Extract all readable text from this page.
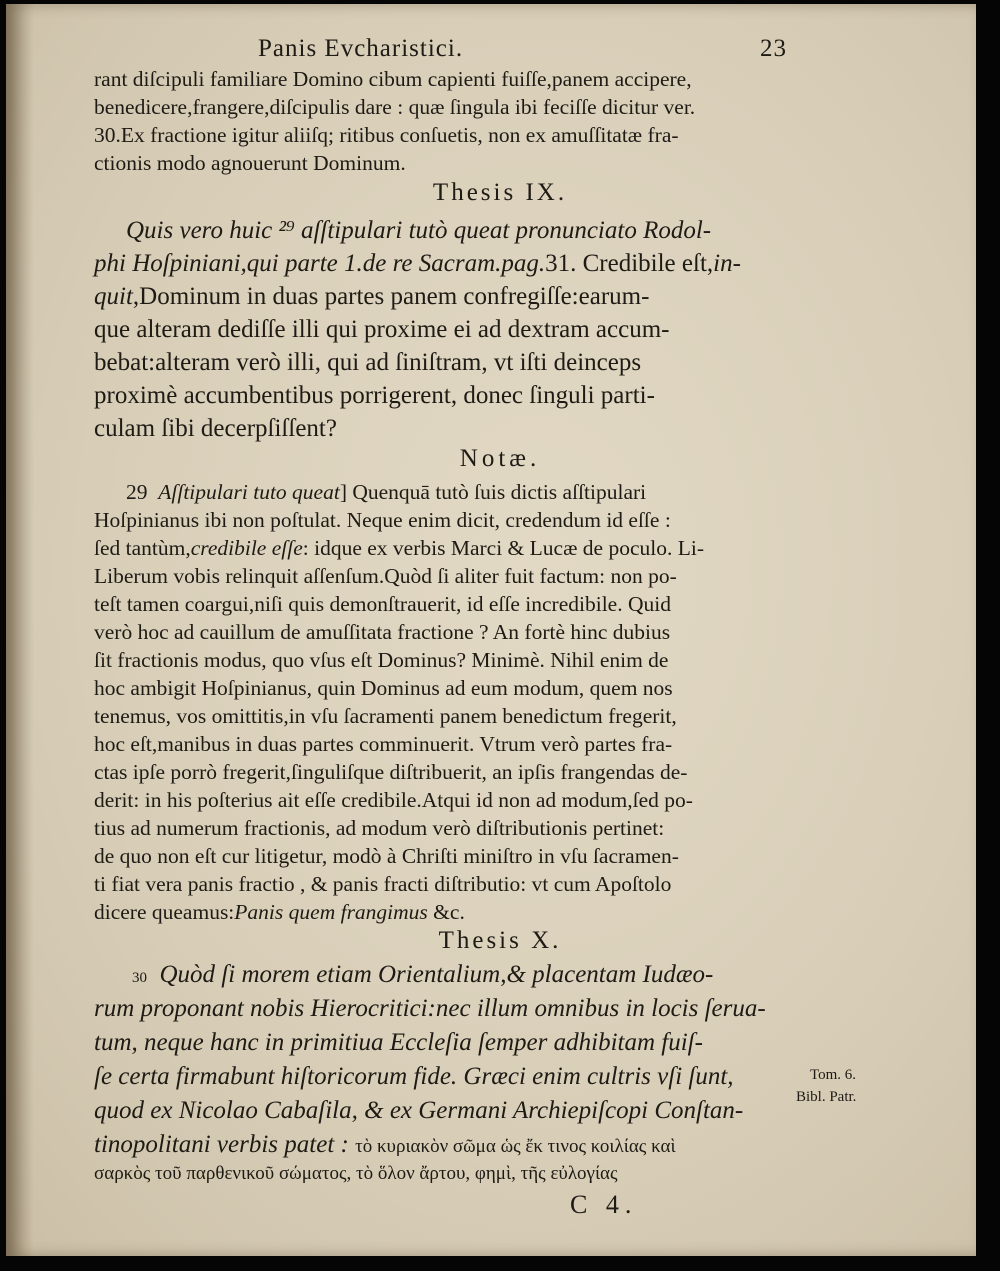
Panis Evcharistici.	23
rant diſcipuli familiare Domino cibum capienti fuiſſe,panem accipere,
benedicere,frangere,diſcipulis dare : quæ ſingula ibi feciſſe dicitur ver.
30.Ex fractione igitur aliiſq; ritibus conſuetis, non ex amuſſitatæ fra-
ctionis modo agnouerunt Dominum.
Thesis IX.
Quis vero huic ²⁹ aſſtipulari tutò queat pronunciato Rodol-
phi Hoſpiniani,qui parte 1.de re Sacram.pag.31. Credibile eſt,in-
quit,Dominum in duas partes panem confregiſſe:earum-
que alteram dediſſe illi qui proxime ei ad dextram accum-
bebat:alteram verò illi, qui ad ſiniſtram, vt iſti deinceps
proximè accumbentibus porrigerent, donec ſinguli parti-
culam ſibi decerpſiſſent?
Notæ.
29 Aſſtipulari tuto queat] Quenquā tutò ſuis dictis aſſtipulari
Hoſpinianus ibi non poſtulat. Neque enim dicit, credendum id eſſe :
ſed tantùm,credibile eſſe: idque ex verbis Marci & Lucæ de poculo. Li-
Liberum vobis relinquit aſſenſum.Quòd ſi aliter fuit factum: non po-
teſt tamen coargui,niſi quis demonſtrauerit, id eſſe incredibile. Quid
verò hoc ad cauillum de amuſſitata fractione ? An fortè hinc dubius
ſit fractionis modus, quo vſus eſt Dominus? Minimè. Nihil enim de
hoc ambigit Hoſpinianus, quin Dominus ad eum modum, quem nos
tenemus, vos omittitis,in vſu ſacramenti panem benedictum fregerit,
hoc eſt,manibus in duas partes comminuerit. Vtrum verò partes fra-
ctas ipſe porrò fregerit,ſinguliſque diſtribuerit, an ipſis frangendas de-
derit: in his poſterius ait eſſe credibile.Atqui id non ad modum,ſed po-
tius ad numerum fractionis, ad modum verò diſtributionis pertinet:
de quo non eſt cur litigetur, modò à Chriſti miniſtro in vſu ſacramen-
ti fiat vera panis fractio , & panis fracti diſtributio: vt cum Apoſtolo
dicere queamus:Panis quem frangimus &c.
Thesis X.
30 Quòd ſi morem etiam Orientalium,& placentam Iudæo-
rum proponant nobis Hierocritici:nec illum omnibus in locis ſerua-
tum, neque hanc in primitiua Eccleſia ſemper adhibitam fuiſ-
ſe certa firmabunt hiſtoricorum fide. Græci enim cultris vſi ſunt,
quod ex Nicolao Cabaſila, & ex Germani Archiepiſcopi Conſtan-
tinopolitani verbis patet : τὸ κυριακὸν σῶμα ὡς ἔκ τινος κοιλίας καὶ
σαρκὸς τοῦ παρθενικοῦ σώματος, τὸ ὅλον ἄρτου, φημὶ, τῆς εὐλογίας
Tom. 6.
Bibl. Patr.
C 4.
